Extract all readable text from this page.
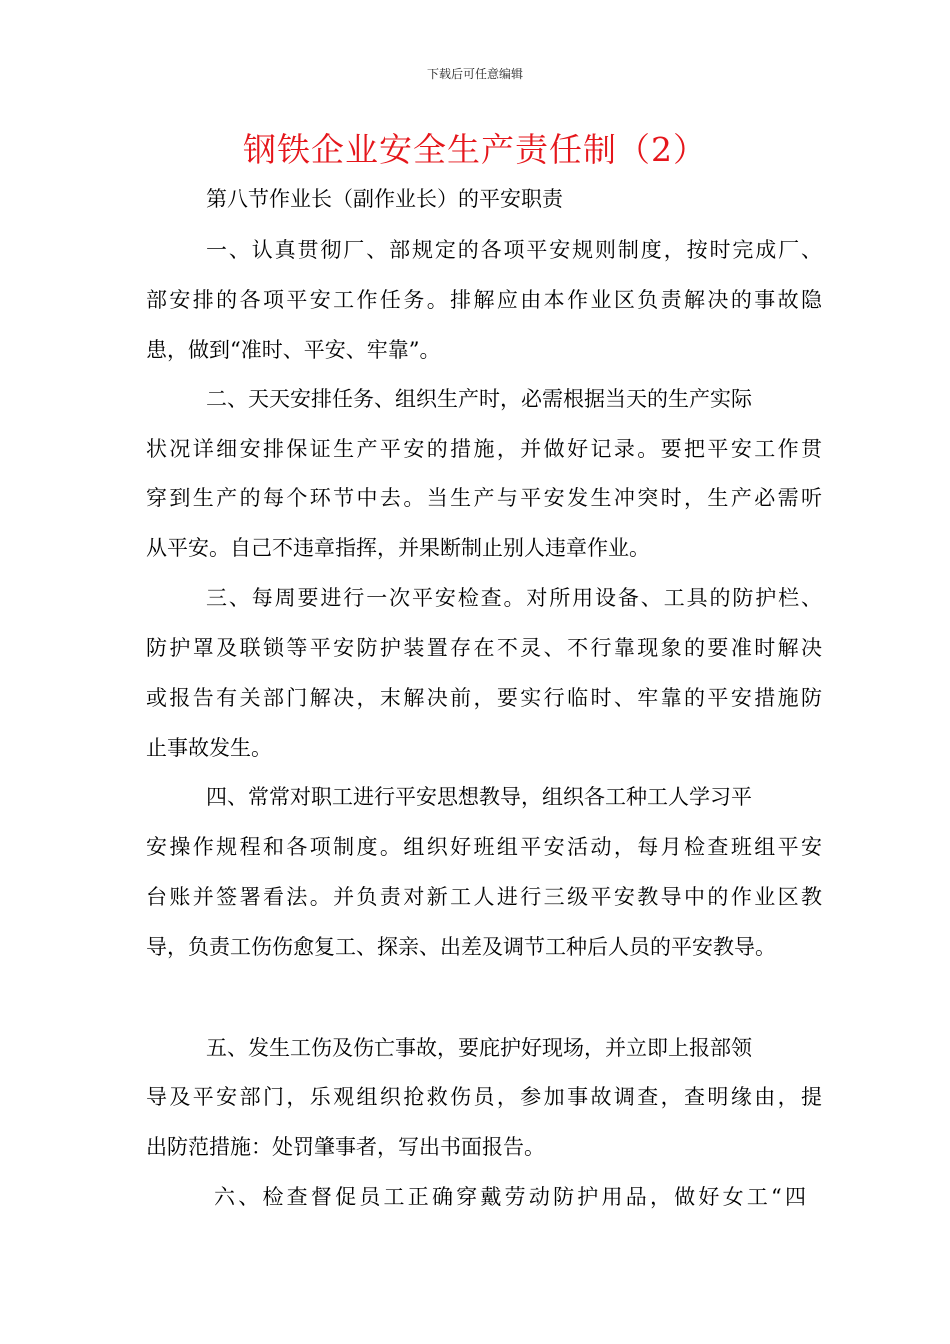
下载后可任意编辑
钢铁企业安全生产责任制（2）
第八节作业长（副作业长）的平安职责
一、认真贯彻厂、部规定的各项平安规则制度，按时完成厂、
部安排的各项平安工作任务。排解应由本作业区负责解决的事故隐
患，做到“准时、平安、牢靠”。
二、天天安排任务、组织生产时，必需根据当天的生产实际
状况详细安排保证生产平安的措施，并做好记录。要把平安工作贯
穿到生产的每个环节中去。当生产与平安发生冲突时，生产必需听
从平安。自己不违章指挥，并果断制止别人违章作业。
三、每周要进行一次平安检查。对所用设备、工具的防护栏、
防护罩及联锁等平安防护装置存在不灵、不行靠现象的要准时解决
或报告有关部门解决，末解决前，要实行临时、牢靠的平安措施防
止事故发生。
四、常常对职工进行平安思想教导，组织各工种工人学习平
安操作规程和各项制度。组织好班组平安活动，每月检查班组平安
台账并签署看法。并负责对新工人进行三级平安教导中的作业区教
导，负责工伤伤愈复工、探亲、出差及调节工种后人员的平安教导。
五、发生工伤及伤亡事故，要庇护好现场，并立即上报部领
导及平安部门，乐观组织抢救伤员，参加事故调查，查明缘由，提
出防范措施：处罚肇事者，写出书面报告。
六、检查督促员工正确穿戴劳动防护用品，做好女工“四
